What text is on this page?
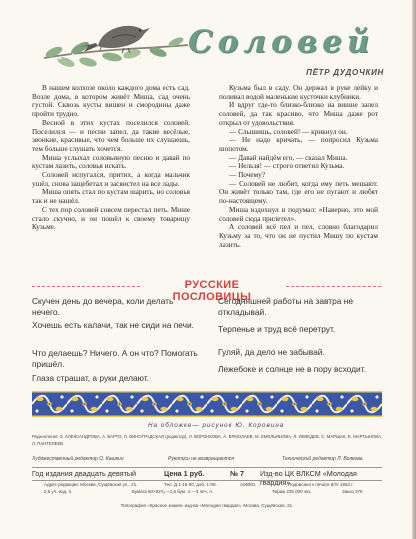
Соловей
ПЁТР ДУДОЧКИН

В нашем колхозе около каждого дома есть сад. Возле дома, в котором живёт Миша, сад очень густой. Сквозь кусты вишен и смородины даже пройти трудно.

Весной в этих кустах поселился соловей. Поселился — и песни запел, да такие весёлые, звонкие, красивые, что чем больше их слушаешь, тем больше слушать хочется.

Миша услыхал соловьиную песню и давай по кустам лазить, соловья искать.

Соловей испугался, притих, а когда мальчик ушёл, снова защебетал и засвистел на все лады.

Миша опять стал по кустам шарить, но соловья так и не нашёл.

С тех пор соловей совсем перестал петь. Мише стало скучно, и он пошёл к своему товарищу Кузьме.

Кузьма был в саду. Он держал в руке лейку и поливал водой маленькие кусточки клубники.

И вдруг где-то близко-близко на вишне запел соловей, да так красиво, что Миша даже рот открыл от удовольствия.

— Слышишь, соловей! — крикнул он.

— Не надо кричать, — попросил Кузьма шопотом.

— Давай найдём его, — сказал Миша.

— Нельзя! — строго ответил Кузьма.

— Почему?

— Соловей не любит, когда ему петь мешают. Он живёт только там, где его не пугают и любят по-настоящему.

Миша вздохнул и подумал: «Наверно, это мой соловей сюда прилетел».

А соловей всё пел и пел, словно благодарил Кузьму за то, что он не пустил Мишу по кустам лазить.

РУССКИЕ ПОСЛОВИЦЫ
Скучен день до вечера, коли делать нечего.
Хочешь есть калачи, так не сиди на печи.
Что делаешь? Ничего. А он что? Помогать пришёл.
Глаза страшат, а руки делают.
Сегодняшней работы на завтра не откладывай.
Терпенье и труд всё перетрут.
Гуляй, да дело не забывай.
Лежебоке и солнце не в пору всходит.
На обложке— рисунок Ю. Коровина
Редколлегия: З. АЛЕКСАНДРОВА, А. БАРТО, Л. ВИНОГРАДСКАЯ (редактор), Л. ВОРОНКОВА, А. ЕРМОЛАЕВ, М. ЕМЕЛЬЯНОВА, Л. ЛЕВЕДЕВ, С. МАРШАК, Е. МАРТЫНОВА, Л. ПАНТЕЛЕЕВ
Художественный редактор О. Кашкин	Рукописи не возвращаются	Технический редактор Л. Волкова
Год издания двадцать девятый	Цена 1 руб.	№ 7 Изд-во ЦК ВЛКСМ «Молодая гвардия»
Адрес редакции: Москва, Сущёвская ул., 21.	Тел. Д 1-15-00, доб. 1-09.	А06901	Подписано к печати 5/IV 1952 г.
2,6 уч.-изд. л.	Бумага 60×92¹/₈—1,5 бум. л.—3 печ. л.	Тираж 235 000 экз.	Заказ 378
Типография «Красное знамя» изд-ва «Молодая гвардия». Москва, Сущёвская, 21.
